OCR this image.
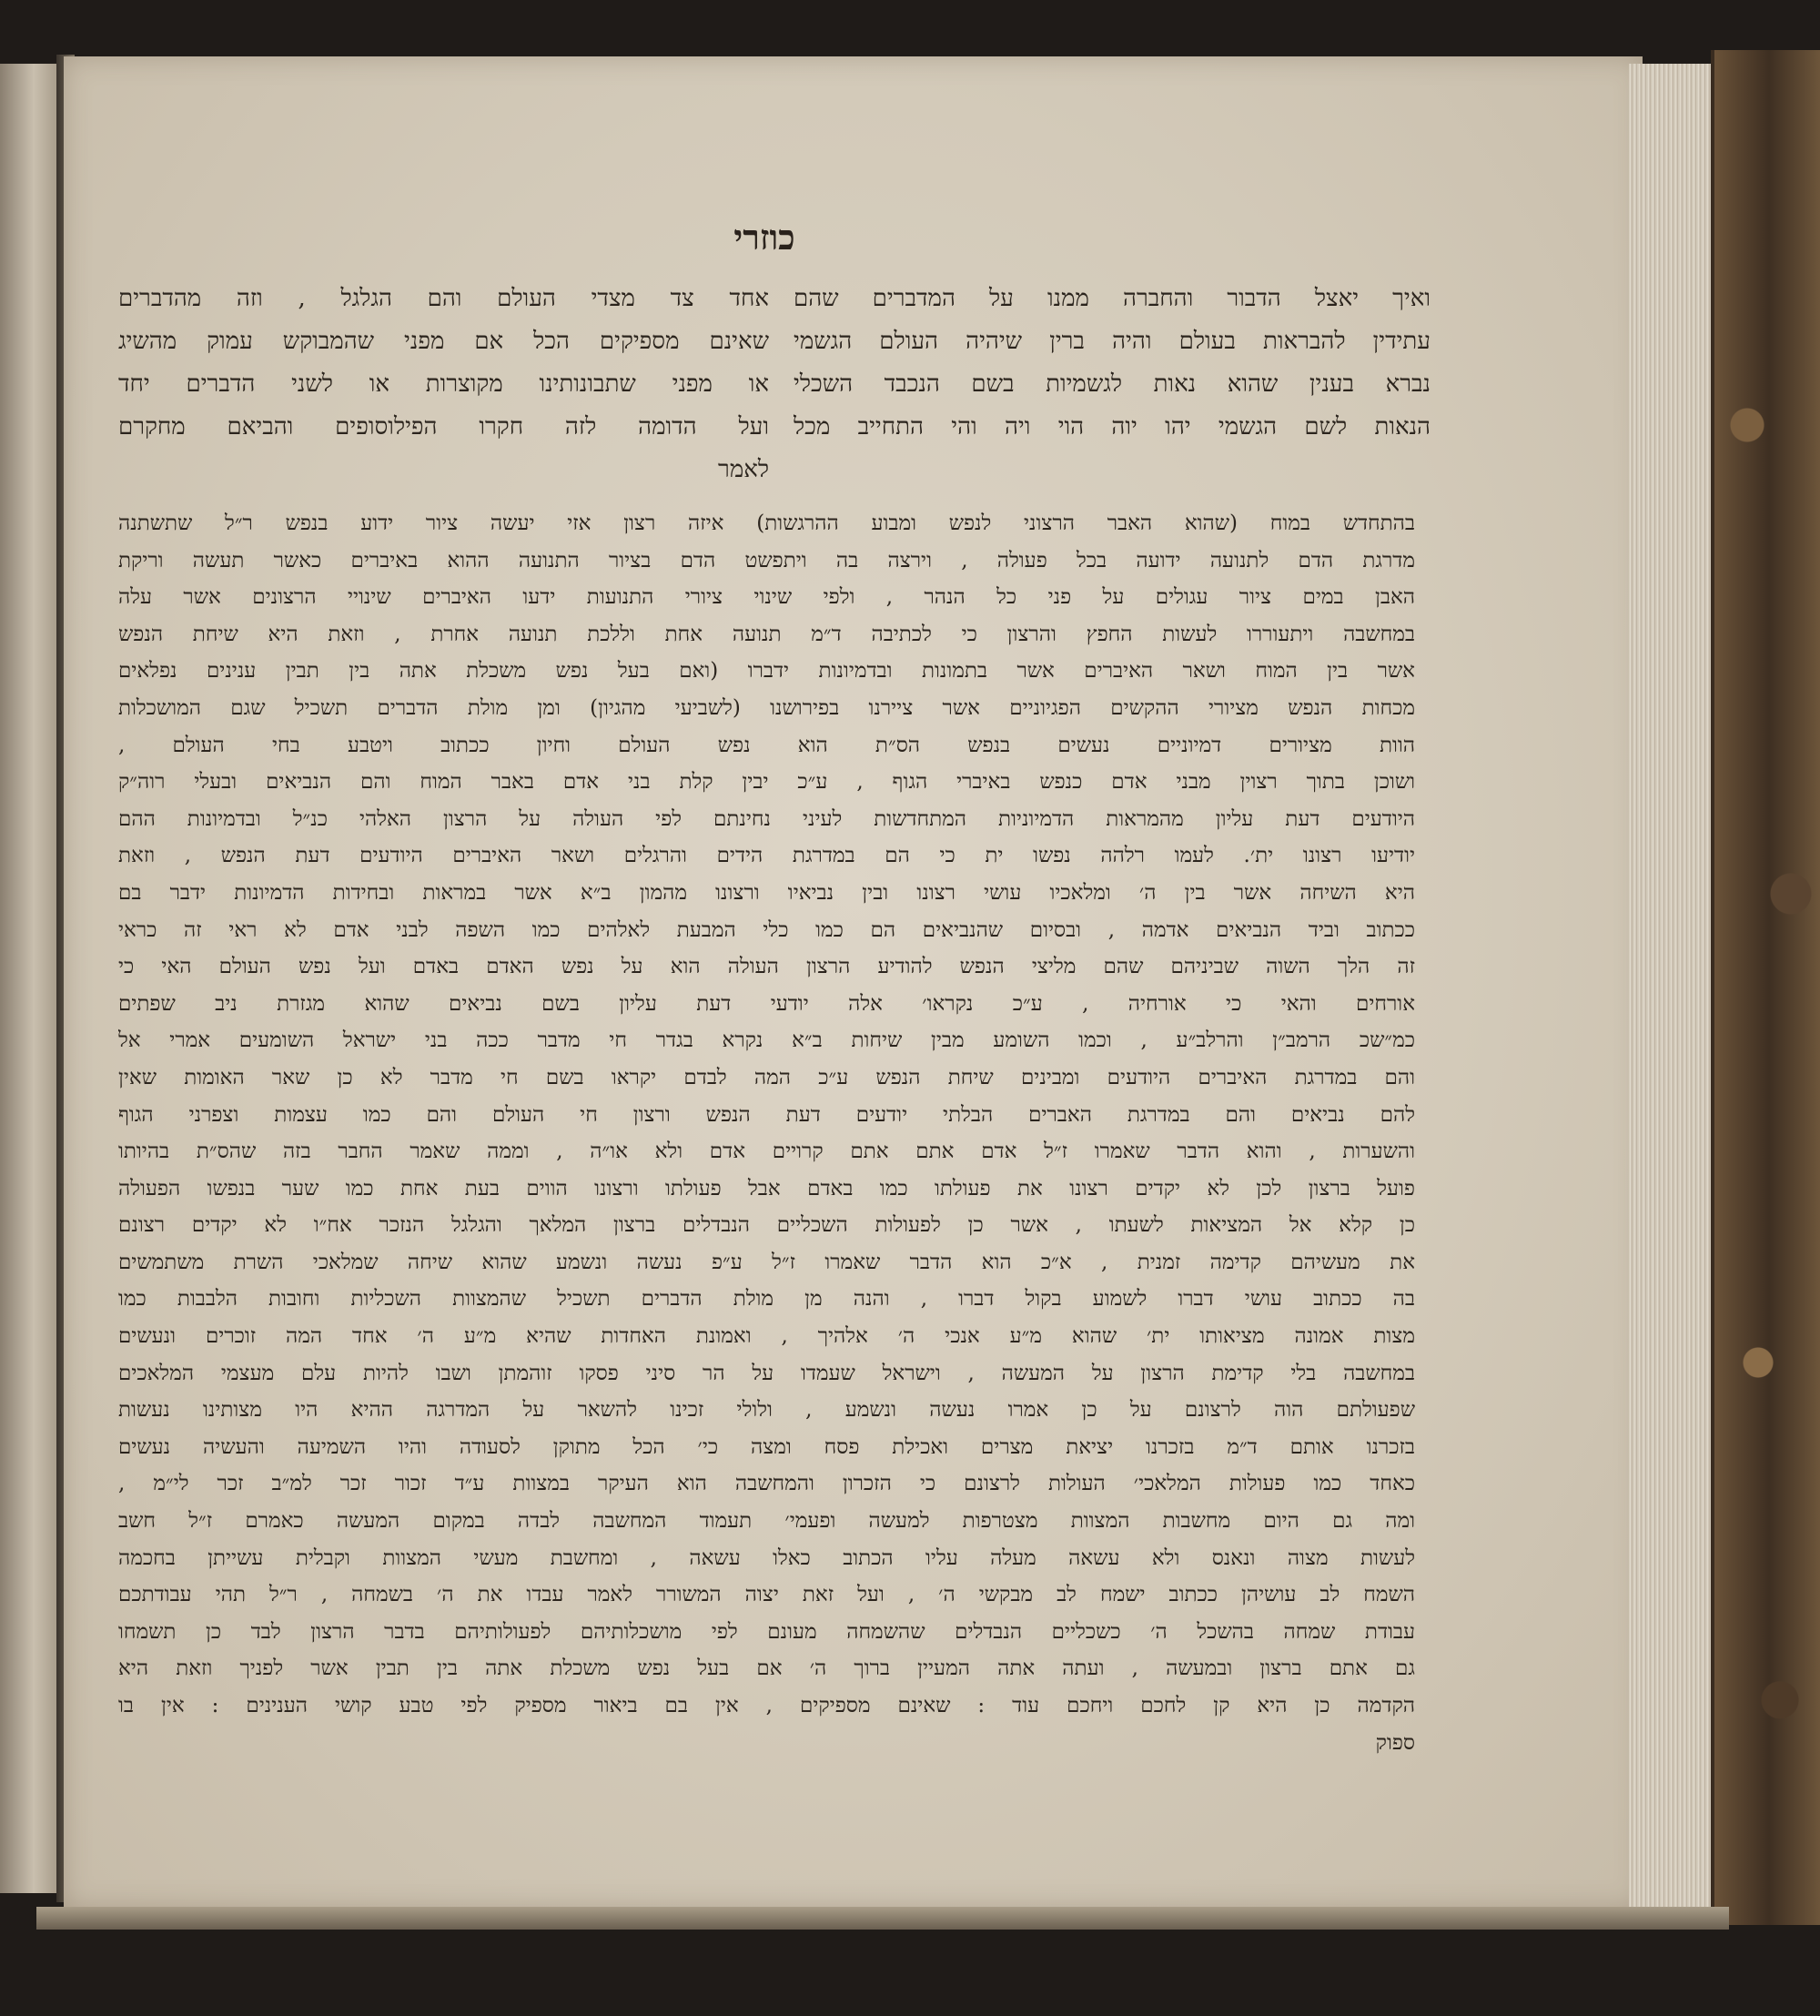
כוזרי
ואיך יאצל הדבור והחברה ממנו על המדברים שהם
עתידין להבראות בעולם והיה ברין שיהיה העולם הגשמי
נברא בענין שהוא נאות לגשמיות בשם הנכבד השכלי
הנאות לשם הגשמי יהו יוה הוי ויה והי התחייב מכל
אחד צד מצדי העולם והם הגלגל , וזה מהדברים
שאינם מספיקים הכל אם מפני שהמבוקש עמוק מהשיג
או מפני שתבונותינו מקוצרות או לשני הדברים יחד
ועל הדומה לזה חקרו הפילוסופים והביאם מחקרם
לאמר
בהתחדש במוח (שהוא האבר הרצוני לנפש ומבוע ההרגשות) איזה רצון אזי יעשה ציור ידוע בנפש ר״ל שתשתנה
מדרגת הדם לתנועה ידועה בכל פעולה , וירצה בה ויתפשט הדם בציור התנועה ההוא באיברים כאשר תעשה וריקת
האבן במים ציור עגולים על פני כל הנהר , ולפי שינוי ציורי התנועות ידעו האיברים שינויי הרצונים אשר עלה
במחשבה ויתעוררו לעשות החפץ והרצון כי לכתיבה ד״מ תנועה אחת וללכת תנועה אחרת , וזאת היא שיחת הנפש
אשר בין המוח ושאר האיברים אשר בתמונות ובדמיונות ידברו (ואם בעל נפש משכלת אתה בין תבין ענינים נפלאים
מכחות הנפש מציורי ההקשים הפגיוניים אשר ציירנו בפירושנו (לשביעי מהגיון) ומן מולת הדברים תשכיל שגם המושכלות
הוות מציורים דמיוניים נעשים בנפש הס״ת הוא נפש העולם וחיון ככתוב ויטבע בחי העולם ,
ושוכן בתוך רצוין מבני אדם כנפש באיברי הגוף , ע״כ יבין קלת בני אדם באבר המוח והם הנביאים ובעלי רוה״ק
היודעים דעת עליון מהמראות הדמיוניות המתחדשות לעיני נחינתם לפי העולה על הרצון האלהי כנ״ל ובדמיונות ההם
יודיעו רצונו ית׳. לעמו רלהה נפשו ית כי הם במדרגת הידים והרגלים ושאר האיברים היודעים דעת הנפש , וזאת
היא השיחה אשר בין ה׳ ומלאכיו עושי רצונו ובין נביאיו ורצונו מהמון ב״א אשר במראות ובחידות הדמיונות ידבר בם
ככתוב וביד הנביאים אדמה , ובסיום שהנביאים הם כמו כלי המבעת לאלהים כמו השפה לבני אדם לא ראי זה כראי
זה הלך השוה שביניהם שהם מליצי הנפש להודיע הרצון העולה הוא על נפש האדם באדם ועל נפש העולם האי כי
אורחים והאי כי אורחיה , ע״כ נקראו׳ אלה יודעי דעת עליון בשם נביאים שהוא מגזרת ניב שפתים
כמ״שכ הרמב״ן והרלב״ע , וכמו השומע מבין שיחות ב״א נקרא בגדר חי מדבר ככה בני ישראל השומעים אמרי אל
והם במדרגת האיברים היודעים ומבינים שיחת הנפש ע״כ המה לבדם יקראו בשם חי מדבר לא כן שאר האומות שאין
להם נביאים והם במדרגת האברים הבלתי יודעים דעת הנפש ורצון חי העולם והם כמו עצמות וצפרני הגוף
והשערות , והוא הדבר שאמרו ז״ל אדם אתם אתם קרויים אדם ולא או״ה , וממה שאמר החבר בזה שהס״ת בהיותו
פועל ברצון לכן לא יקדים רצונו את פעולתו כמו באדם אבל פעולתו ורצונו הווים בעת אחת כמו שער בנפשו הפעולה
כן קלא אל המציאות לשעתו , אשר כן לפעולות השכליים הנבדלים ברצון המלאך והגלגל הנזכר אח״ו לא יקדים רצונם
את מעשיהם קדימה זמנית , א״כ הוא הדבר שאמרו ז״ל ע״פ נעשה ונשמע שהוא שיחה שמלאכי השרת משתמשים
בה ככתוב עושי דברו לשמוע בקול דברו , והנה מן מולת הדברים תשכיל שהמצוות השכליות וחובות הלבבות כמו
מצות אמונה מציאותו ית׳ שהוא מ״ע אנכי ה׳ אלהיך , ואמונת האחדות שהיא מ״ע ה׳ אחד המה זוכרים ונעשים
במחשבה בלי קדימת הרצון על המעשה , וישראל שעמדו על הר סיני פסקו זוהמתן ושבו להיות עלם מעצמי המלאכים
שפעולתם הוה לרצונם על כן אמרו נעשה ונשמע , ולולי זכינו להשאר על המדרגה ההיא היו מצותינו נעשות
בזכרנו אותם ד״מ בזכרנו יציאת מצרים ואכילת פסח ומצה כי׳ הכל מתוקן לסעודה והיו השמיעה והעשיה נעשים
כאחד כמו פעולות המלאכי׳ העולות לרצונם כי הזכרון והמחשבה הוא העיקר במצוות ע״ד זכור זכר למ״ב זכר לי״מ ,
ומה גם היום מחשבות המצוות מצטרפות למעשה ופעמי׳ תעמוד המחשבה לבדה במקום המעשה כאמרם ז״ל חשב
לעשות מצוה ונאנס ולא עשאה מעלה עליו הכתוב כאלו עשאה , ומחשבת מעשי המצוות וקבלית עשייתן בחכמה
השמח לב עושיהן ככתוב ישמח לב מבקשי ה׳ , ועל זאת יצוה המשורר לאמר עבדו את ה׳ בשמחה , ר״ל תהי עבודתכם
עבודת שמחה בהשכל ה׳ כשכליים הנבדלים שהשמחה מעונם לפי מושכלותיהם לפעולותיהם בדבר הרצון לבד כן תשמחו
גם אתם ברצון ובמעשה , ועתה אתה המעיין ברוך ה׳ אם בעל נפש משכלת אתה בין תבין אשר לפניך וזאת היא
הקדמה כן היא קן לחכם ויחכם עוד : שאינם מספיקים , אין בם ביאור מספיק לפי טבע קושי הענינים : אין בו
ספוק
